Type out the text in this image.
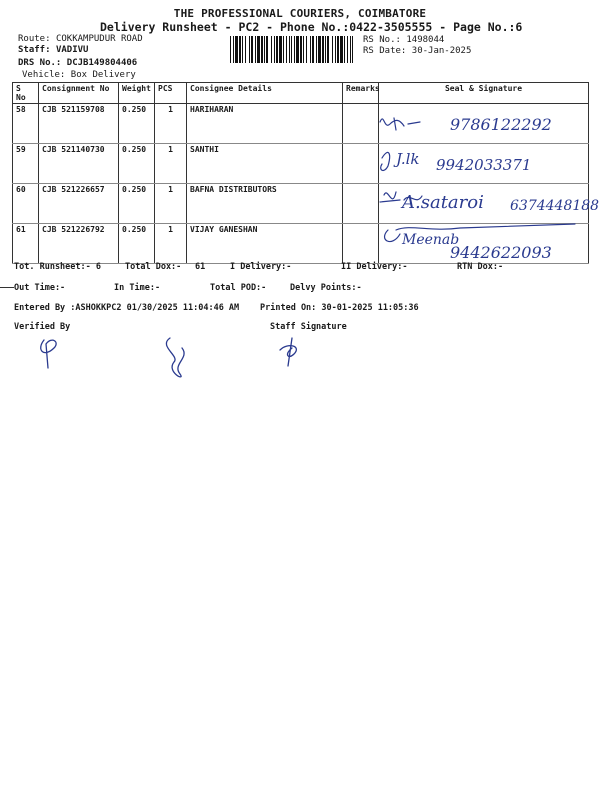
THE PROFESSIONAL COURIERS, COIMBATORE
Delivery Runsheet - PC2 - Phone No.:0422-3505555 - Page No.:6
Route: COKKAMPUDUR ROAD
Staff: VADIVU
DRS No.: DCJB149804406
Vehicle: Box Delivery
RS No.: 1498044
RS Date: 30-Jan-2025
S No	Consignment No	Weight	PCS	Consignee Details	Remarks	Seal & Signature
58	CJB 521159708	0.250	1	HARIHARAN		
59	CJB 521140730	0.250	1	SANTHI		
60	CJB 521226657	0.250	1	BAFNA DISTRIBUTORS		
61	CJB 521226792	0.250	1	VIJAY GANESHAN		
9786122292
J.lk 9942033371
A.sataroi 6374448188
Meenab
9442622093
Tot. Runsheet:- 6	Total Dox:- 61	I Delivery:-	II Delivery:-	RTN Dox:-
Out Time:-	In Time:-	Total POD:-	Delvy Points:-
Entered By :ASHOKKPC2 01/30/2025 11:04:46 AM Printed On: 30-01-2025 11:05:36
Verified By	Staff Signature
